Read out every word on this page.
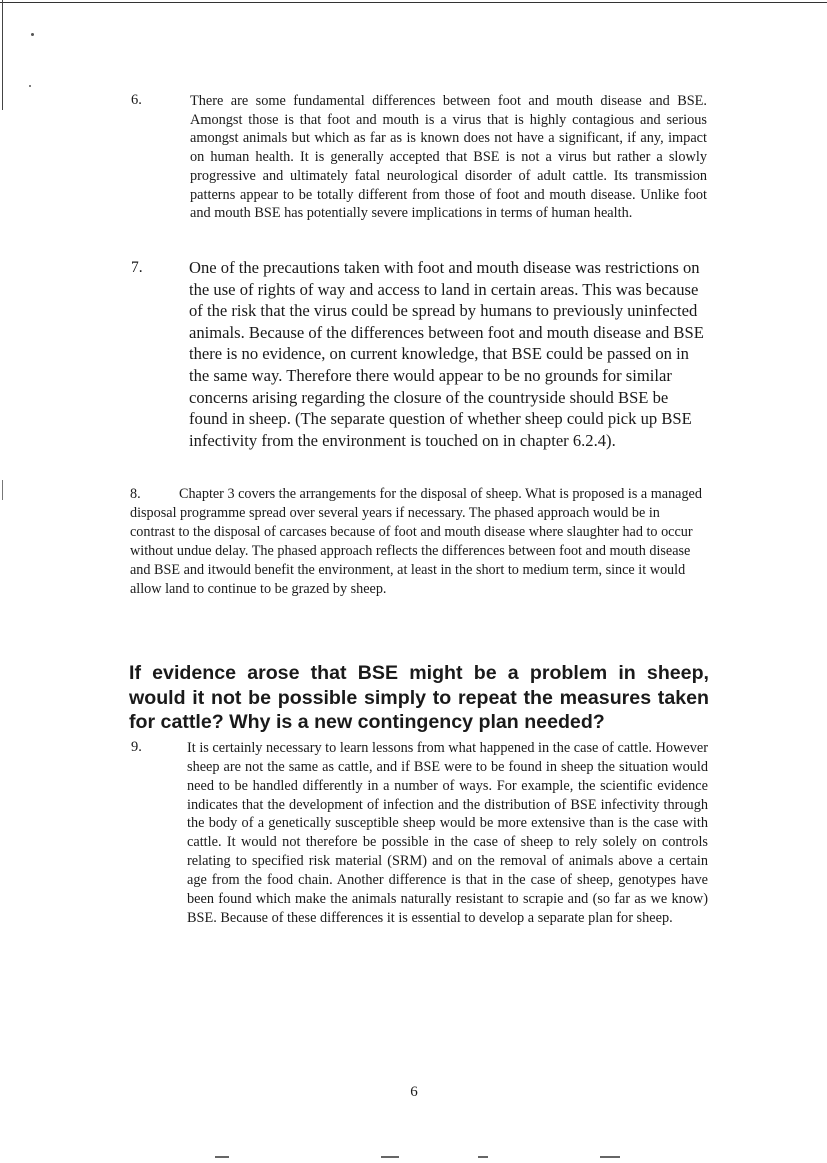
6.	There are some fundamental differences between foot and mouth disease and BSE. Amongst those is that foot and mouth is a virus that is highly contagious and serious amongst animals but which as far as is known does not have a significant, if any, impact on human health. It is generally accepted that BSE is not a virus but rather a slowly progressive and ultimately fatal neurological disorder of adult cattle. Its transmission patterns appear to be totally different from those of foot and mouth disease. Unlike foot and mouth BSE has potentially severe implications in terms of human health.

7.	One of the precautions taken with foot and mouth disease was restrictions on the use of rights of way and access to land in certain areas. This was because of the risk that the virus could be spread by humans to previously uninfected animals. Because of the differences between foot and mouth disease and BSE there is no evidence, on current knowledge, that BSE could be passed on in the same way. Therefore there would appear to be no grounds for similar concerns arising regarding the closure of the countryside should BSE be found in sheep. (The separate question of whether sheep could pick up BSE infectivity from the environment is touched on in chapter 6.2.4).

8.	Chapter 3 covers the arrangements for the disposal of sheep. What is proposed is a managed disposal programme spread over several years if necessary. The phased approach would be in contrast to the disposal of carcases because of foot and mouth disease where slaughter had to occur without undue delay. The phased approach reflects the differences between foot and mouth disease and BSE and itwould benefit the environment, at least in the short to medium term, since it would allow land to continue to be grazed by sheep.

If evidence arose that BSE might be a problem in sheep, would it not be possible simply to repeat the measures taken for cattle? Why is a new contingency plan needed?

9.	It is certainly necessary to learn lessons from what happened in the case of cattle. However sheep are not the same as cattle, and if BSE were to be found in sheep the situation would need to be handled differently in a number of ways. For example, the scientific evidence indicates that the development of infection and the distribution of BSE infectivity through the body of a genetically susceptible sheep would be more extensive than is the case with cattle. It would not therefore be possible in the case of sheep to rely solely on controls relating to specified risk material (SRM) and on the removal of animals above a certain age from the food chain. Another difference is that in the case of sheep, genotypes have been found which make the animals naturally resistant to scrapie and (so far as we know) BSE. Because of these differences it is essential to develop a separate plan for sheep.

6
